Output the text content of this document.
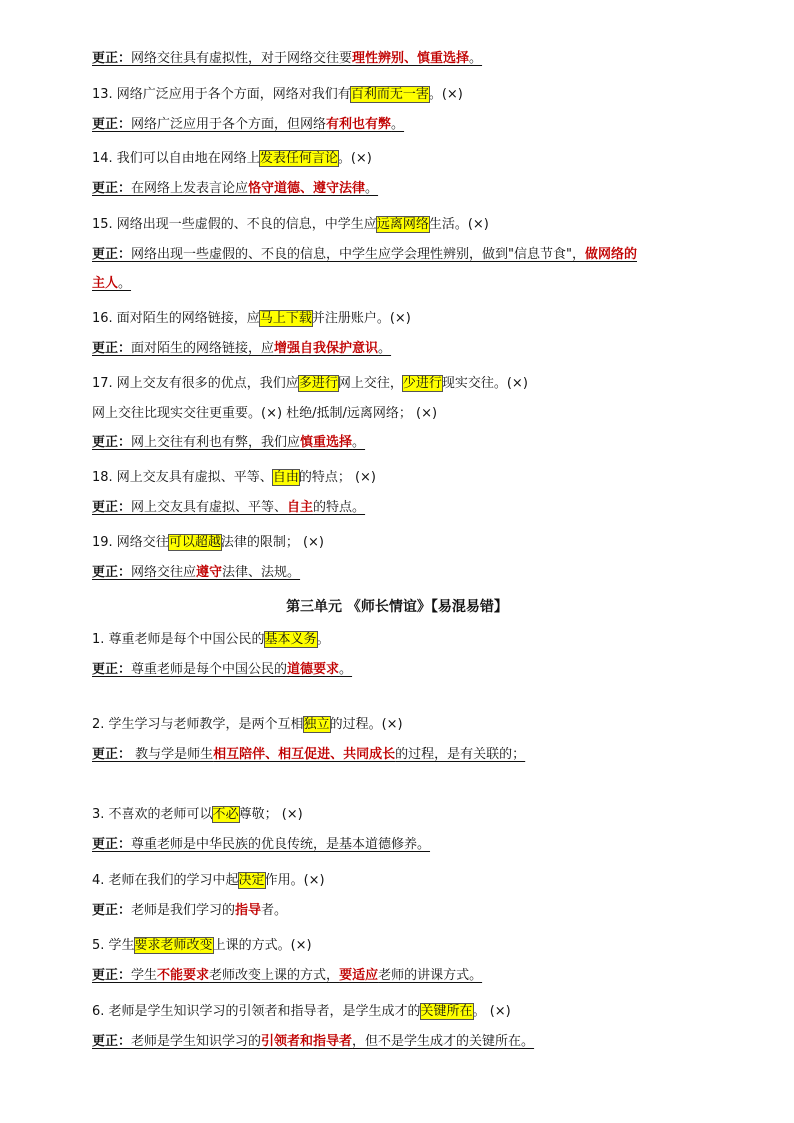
更正：网络交往具有虚拟性，对于网络交往要理性辨别、慎重选择。
13. 网络广泛应用于各个方面，网络对我们有百利而无一害。(×)
更正：网络广泛应用于各个方面，但网络有利也有弊。
14. 我们可以自由地在网络上发表任何言论。(×)
更正：在网络上发表言论应恪守道德、遵守法律。
15. 网络出现一些虚假的、不良的信息，中学生应远离网络生活。(×)
更正：网络出现一些虚假的、不良的信息，中学生应学会理性辨别，做到"信息节食"，做网络的
主人。
16. 面对陌生的网络链接，应马上下载并注册账户。(×)
更正：面对陌生的网络链接，应增强自我保护意识。
17. 网上交友有很多的优点，我们应多进行网上交往，少进行现实交往。(×)
网上交往比现实交往更重要。(×) 杜绝/抵制/远离网络； (×)
更正：网上交往有利也有弊，我们应慎重选择。
18. 网上交友具有虚拟、平等、自由的特点； (×)
更正：网上交友具有虚拟、平等、自主的特点。
19. 网络交往可以超越法律的限制； (×)
更正：网络交往应遵守法律、法规。
第三单元 《师长情谊》【易混易错】
1. 尊重老师是每个中国公民的基本义务。
更正：尊重老师是每个中国公民的道德要求。
2. 学生学习与老师教学，是两个互相独立的过程。(×)
更正： 教与学是师生相互陪伴、相互促进、共同成长的过程，是有关联的；
3. 不喜欢的老师可以不必尊敬； (×)
更正：尊重老师是中华民族的优良传统，是基本道德修养。
4. 老师在我们的学习中起决定作用。(×)
更正：老师是我们学习的指导者。
5. 学生要求老师改变上课的方式。(×)
更正：学生不能要求老师改变上课的方式，要适应老师的讲课方式。
6. 老师是学生知识学习的引领者和指导者，是学生成才的关键所在。 (×)
更正：老师是学生知识学习的引领者和指导者，但不是学生成才的关键所在。
